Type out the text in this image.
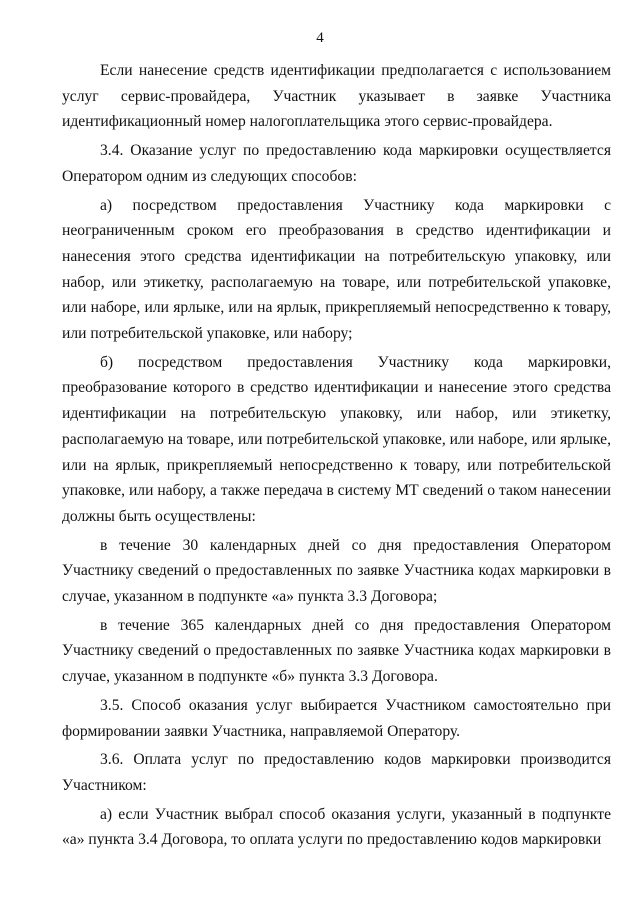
4

Если нанесение средств идентификации предполагается с использованием услуг сервис-провайдера, Участник указывает в заявке Участника идентификационный номер налогоплательщика этого сервис-провайдера.

3.4. Оказание услуг по предоставлению кода маркировки осуществляется Оператором одним из следующих способов:

а) посредством предоставления Участнику кода маркировки с неограниченным сроком его преобразования в средство идентификации и нанесения этого средства идентификации на потребительскую упаковку, или набор, или этикетку, располагаемую на товаре, или потребительской упаковке, или наборе, или ярлыке, или на ярлык, прикрепляемый непосредственно к товару, или потребительской упаковке, или набору;

б) посредством предоставления Участнику кода маркировки, преобразование которого в средство идентификации и нанесение этого средства идентификации на потребительскую упаковку, или набор, или этикетку, располагаемую на товаре, или потребительской упаковке, или наборе, или ярлыке, или на ярлык, прикрепляемый непосредственно к товару, или потребительской упаковке, или набору, а также передача в систему МТ сведений о таком нанесении должны быть осуществлены:

в течение 30 календарных дней со дня предоставления Оператором Участнику сведений о предоставленных по заявке Участника кодах маркировки в случае, указанном в подпункте «а» пункта 3.3 Договора;

в течение 365 календарных дней со дня предоставления Оператором Участнику сведений о предоставленных по заявке Участника кодах маркировки в случае, указанном в подпункте «б» пункта 3.3 Договора.

3.5. Способ оказания услуг выбирается Участником самостоятельно при формировании заявки Участника, направляемой Оператору.

3.6. Оплата услуг по предоставлению кодов маркировки производится Участником:

а) если Участник выбрал способ оказания услуги, указанный в подпункте «а» пункта 3.4 Договора, то оплата услуги по предоставлению кодов маркировки
